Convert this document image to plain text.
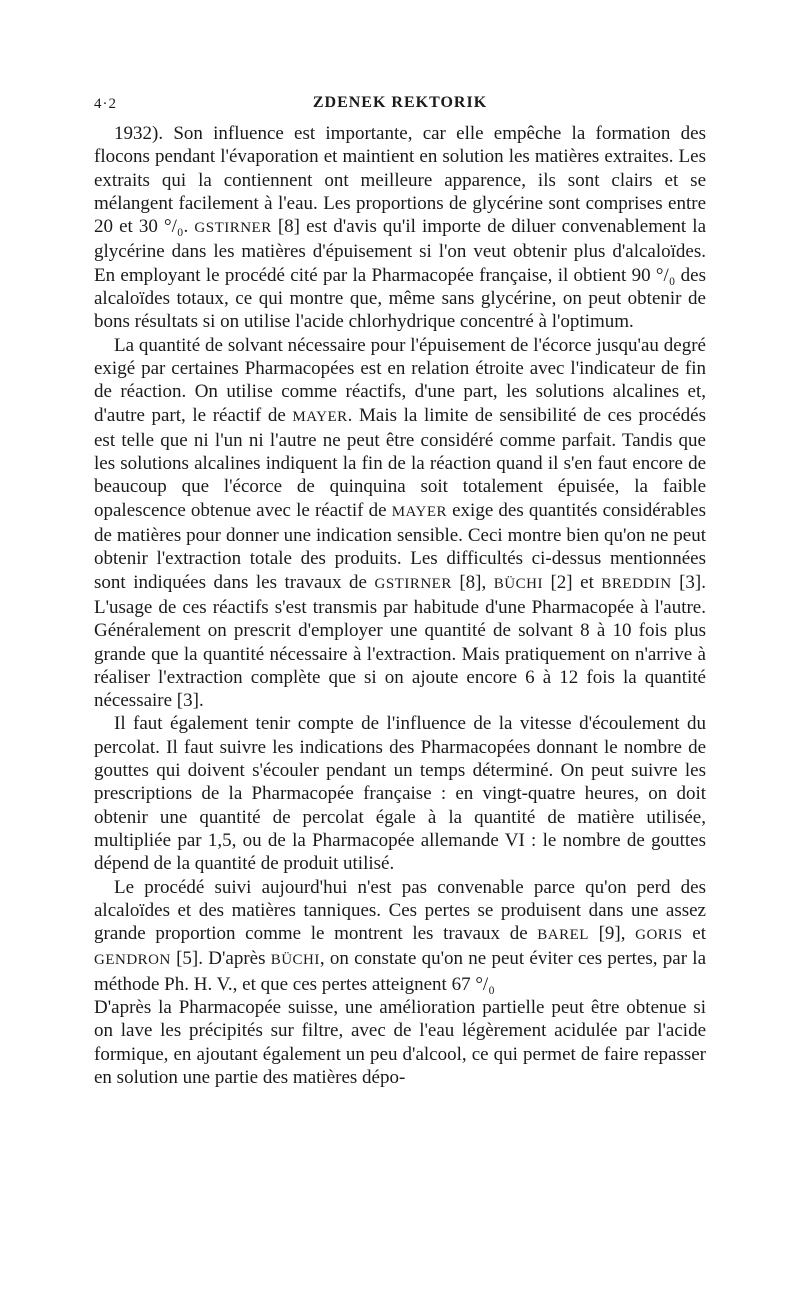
4·2	ZDENEK REKTORIK

1932). Son influence est importante, car elle empêche la formation des flocons pendant l'évaporation et maintient en solution les matières extraites. Les extraits qui la contiennent ont meilleure apparence, ils sont clairs et se mélangent facilement à l'eau. Les proportions de glycérine sont comprises entre 20 et 30 °/₀. GSTIRNER [8] est d'avis qu'il importe de diluer convenablement la glycérine dans les matières d'épuisement si l'on veut obtenir plus d'alcaloïdes. En employant le procédé cité par la Pharmacopée française, il obtient 90 °/₀ des alcaloïdes totaux, ce qui montre que, même sans glycérine, on peut obtenir de bons résultats si on utilise l'acide chlorhydrique concentré à l'optimum.

La quantité de solvant nécessaire pour l'épuisement de l'écorce jusqu'au degré exigé par certaines Pharmacopées est en relation étroite avec l'indicateur de fin de réaction. On utilise comme réactifs, d'une part, les solutions alcalines et, d'autre part, le réactif de MAYER. Mais la limite de sensibilité de ces procédés est telle que ni l'un ni l'autre ne peut être considéré comme parfait. Tandis que les solutions alcalines indiquent la fin de la réaction quand il s'en faut encore de beaucoup que l'écorce de quinquina soit totalement épuisée, la faible opalescence obtenue avec le réactif de MAYER exige des quantités considérables de matières pour donner une indication sensible. Ceci montre bien qu'on ne peut obtenir l'extraction totale des produits. Les difficultés ci-dessus mentionnées sont indiquées dans les travaux de GSTIRNER [8], BÜCHI [2] et BREDDIN [3]. L'usage de ces réactifs s'est transmis par habitude d'une Pharmacopée à l'autre. Généralement on prescrit d'employer une quantité de solvant 8 à 10 fois plus grande que la quantité nécessaire à l'extraction. Mais pratiquement on n'arrive à réaliser l'extraction complète que si on ajoute encore 6 à 12 fois la quantité nécessaire [3].

Il faut également tenir compte de l'influence de la vitesse d'écoulement du percolat. Il faut suivre les indications des Pharmacopées donnant le nombre de gouttes qui doivent s'écouler pendant un temps déterminé. On peut suivre les prescriptions de la Pharmacopée française : en vingt-quatre heures, on doit obtenir une quantité de percolat égale à la quantité de matière utilisée, multipliée par 1,5, ou de la Pharmacopée allemande VI : le nombre de gouttes dépend de la quantité de produit utilisé.

Le procédé suivi aujourd'hui n'est pas convenable parce qu'on perd des alcaloïdes et des matières tanniques. Ces pertes se produisent dans une assez grande proportion comme le montrent les travaux de BAREL [9], GORIS et GENDRON [5]. D'après BÜCHI, on constate qu'on ne peut éviter ces pertes, par la méthode Ph. H. V., et que ces pertes atteignent 67 °/₀

D'après la Pharmacopée suisse, une amélioration partielle peut être obtenue si on lave les précipités sur filtre, avec de l'eau légèrement acidulée par l'acide formique, en ajoutant également un peu d'alcool, ce qui permet de faire repasser en solution une partie des matières dépo-
